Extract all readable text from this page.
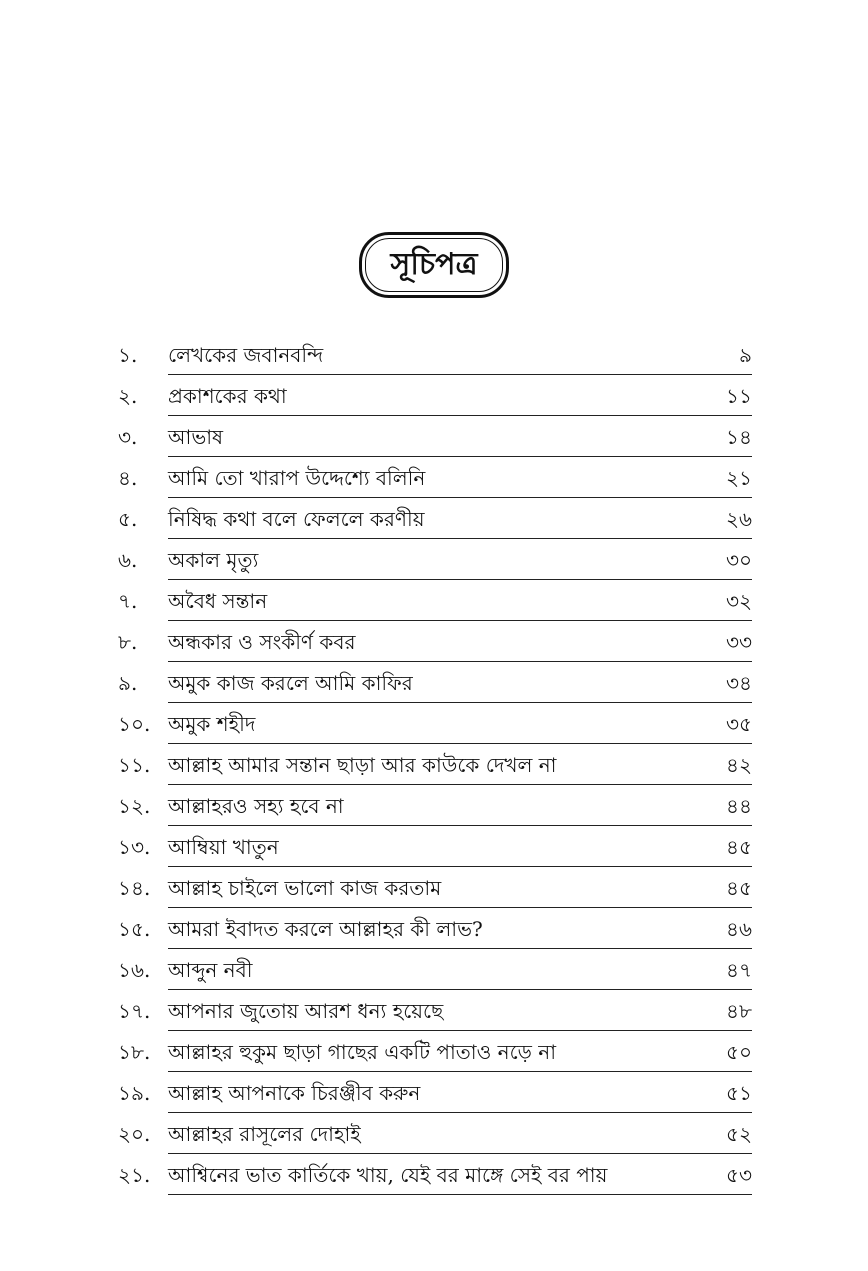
সূচিপত্র
১. লেখকের জবানবন্দি	৯
২. প্রকাশকের কথা	১১
৩. আভাষ	১৪
৪. আমি তো খারাপ উদ্দেশ্যে বলিনি	২১
৫. নিষিদ্ধ কথা বলে ফেললে করণীয়	২৬
৬. অকাল মৃত্যু	৩০
৭. অবৈধ সন্তান	৩২
৮. অন্ধকার ও সংকীর্ণ কবর	৩৩
৯. অমুক কাজ করলে আমি কাফির	৩৪
১০. অমুক শহীদ	৩৫
১১. আল্লাহ আমার সন্তান ছাড়া আর কাউকে দেখল না	৪২
১২. আল্লাহরও সহ্য হবে না	৪৪
১৩. আম্বিয়া খাতুন	৪৫
১৪. আল্লাহ চাইলে ভালো কাজ করতাম	৪৫
১৫. আমরা ইবাদত করলে আল্লাহর কী লাভ?	৪৬
১৬. আব্দুন নবী	৪৭
১৭. আপনার জুতোয় আরশ ধন্য হয়েছে	৪৮
১৮. আল্লাহর হুকুম ছাড়া গাছের একটি পাতাও নড়ে না	৫০
১৯. আল্লাহ আপনাকে চিরঞ্জীব করুন	৫১
২০. আল্লাহর রাসূলের দোহাই	৫২
২১. আশ্বিনের ভাত কার্তিকে খায়, যেই বর মাঙ্গে সেই বর পায়	৫৩
